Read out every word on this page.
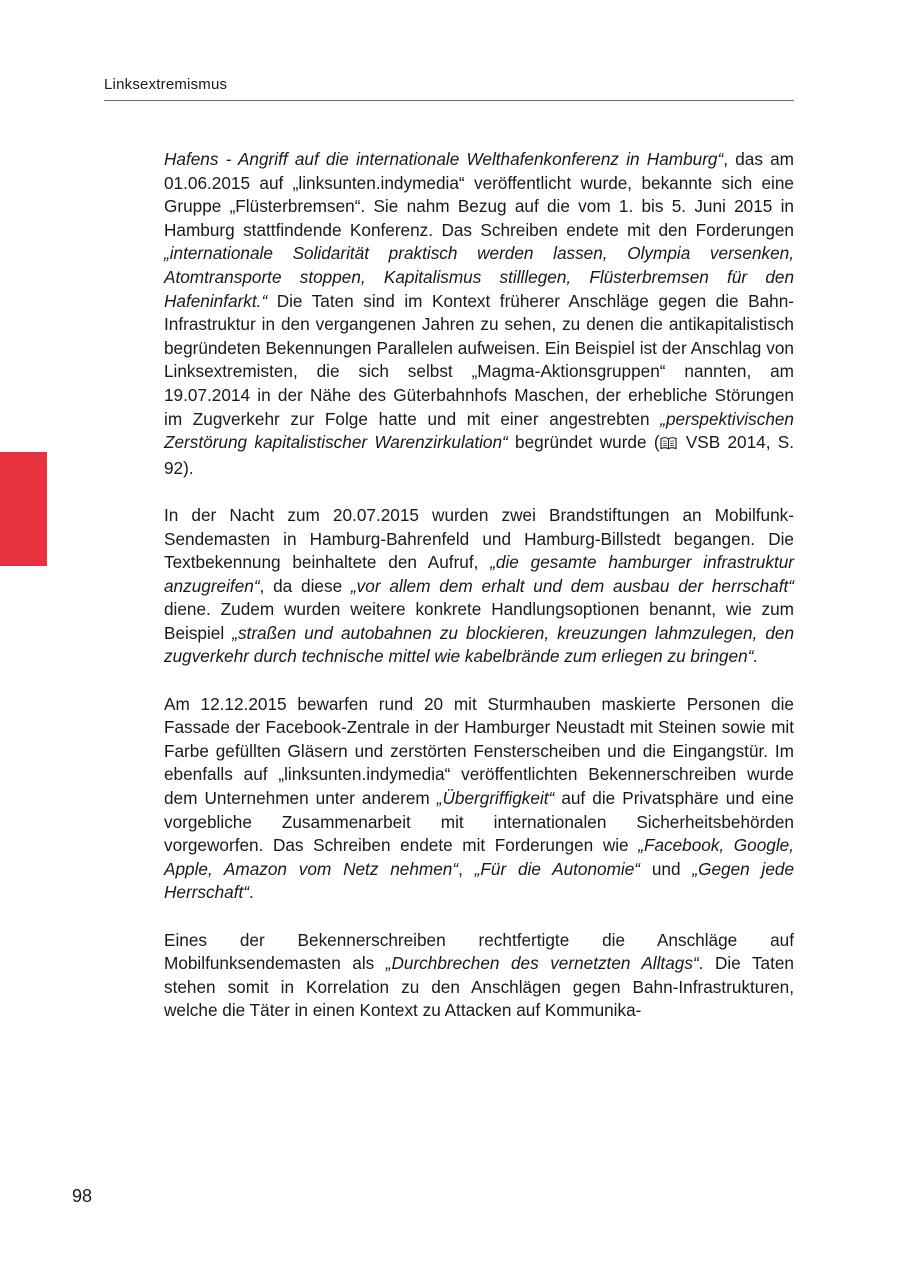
Linksextremismus

Hafens - Angriff auf die internationale Welthafenkonferenz in Hamburg“, das am 01.06.2015 auf „linksunten.indymedia“ veröffentlicht wurde, bekannte sich eine Gruppe „Flüsterbremsen“. Sie nahm Bezug auf die vom 1. bis 5. Juni 2015 in Hamburg stattfindende Konferenz. Das Schreiben endete mit den Forderungen „internationale Solidarität praktisch werden lassen, Olympia versenken, Atomtransporte stoppen, Kapitalismus stilllegen, Flüsterbremsen für den Hafeninfarkt.“ Die Taten sind im Kontext früherer Anschläge gegen die Bahn-Infrastruktur in den vergangenen Jahren zu sehen, zu denen die antikapitalistisch begründeten Bekennungen Parallelen aufweisen. Ein Beispiel ist der Anschlag von Linksextremisten, die sich selbst „Magma-Aktionsgruppen“ nannten, am 19.07.2014 in der Nähe des Güterbahnhofs Maschen, der erhebliche Störungen im Zugverkehr zur Folge hatte und mit einer angestrebten „perspektivischen Zerstörung kapitalistischer Warenzirkulation“ begründet wurde ( VSB 2014, S. 92).

In der Nacht zum 20.07.2015 wurden zwei Brandstiftungen an Mobilfunk-Sendemasten in Hamburg-Bahrenfeld und Hamburg-Billstedt begangen. Die Textbekennung beinhaltete den Aufruf, „die gesamte hamburger infrastruktur anzugreifen“, da diese „vor allem dem erhalt und dem ausbau der herrschaft“ diene. Zudem wurden weitere konkrete Handlungsoptionen benannt, wie zum Beispiel „straßen und autobahnen zu blockieren, kreuzungen lahmzulegen, den zugverkehr durch technische mittel wie kabelbrände zum erliegen zu bringen“.

Am 12.12.2015 bewarfen rund 20 mit Sturmhauben maskierte Personen die Fassade der Facebook-Zentrale in der Hamburger Neustadt mit Steinen sowie mit Farbe gefüllten Gläsern und zerstörten Fensterscheiben und die Eingangstür. Im ebenfalls auf „linksunten.indymedia“ veröffentlichten Bekennerschreiben wurde dem Unternehmen unter anderem „Übergriffigkeit“ auf die Privatsphäre und eine vorgebliche Zusammenarbeit mit internationalen Sicherheitsbehörden vorgeworfen. Das Schreiben endete mit Forderungen wie „Facebook, Google, Apple, Amazon vom Netz nehmen“, „Für die Autonomie“ und „Gegen jede Herrschaft“.

Eines der Bekennerschreiben rechtfertigte die Anschläge auf Mobilfunksendemasten als „Durchbrechen des vernetzten Alltags“. Die Taten stehen somit in Korrelation zu den Anschlägen gegen Bahn-Infrastrukturen, welche die Täter in einen Kontext zu Attacken auf Kommunika-

98
